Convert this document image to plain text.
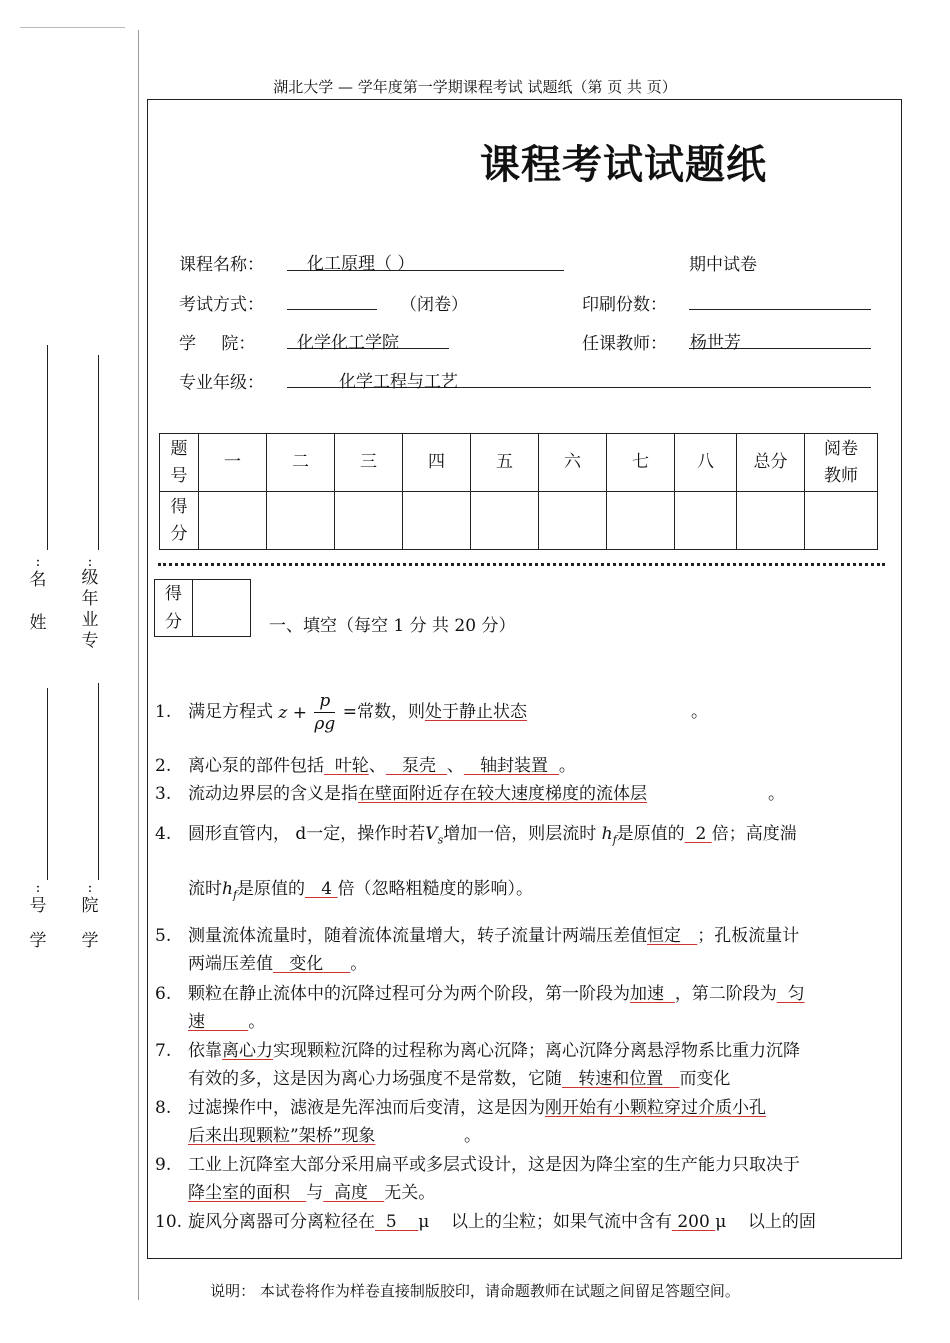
:
名
姓
:
级
年
业
专
:
号
学
:
院
学
湖北大学 — 学年度第一学期课程考试 试题纸（第 页 共 页）
课程考试试题纸
课程名称：	化工原理（ ）	期中试卷
考试方式：	（闭卷）	印刷份数：
学 院： 化学化工学院	任课教师： 杨世芳
专业年级：	化学工程与工艺
题号	一	二	三	四	五	六	七	八	总分	阅卷教师
得分										
得分	一、填空（每空 1 分 共 20 分）
1. 满足方程式 $z + \frac{p}{\rho g}$ =常数，则处于静止状态	。
2. 离心泵的部件包括 叶轮、 泵壳 、 轴封装置 。
3. 流动边界层的含义是指在壁面附近存在较大速度梯度的流体层	。
4. 圆形直管内， d一定，操作时若$V_s$增加一倍，则层流时 $h_f$是原值的 2 倍；高度湍
流时$h_f$是原值的 4 倍（忽略粗糙度的影响）。
5. 测量流体流量时，随着流体流量增大，转子流量计两端压差值恒定 ；孔板流量计
两端压差值 变化 。
6. 颗粒在静止流体中的沉降过程可分为两个阶段，第一阶段为加速 ，第二阶段为 匀
速	。
7. 依靠离心力实现颗粒沉降的过程称为离心沉降；离心沉降分离悬浮物系比重力沉降
有效的多，这是因为离心力场强度不是常数，它随 转速和位置 而变化
8. 过滤操作中，滤液是先浑浊而后变清，这是因为刚开始有小颗粒穿过介质小孔
后来出现颗粒”架桥”现象	。
9. 工业上沉降室大部分采用扁平或多层式设计，这是因为降尘室的生产能力只取决于
降尘室的面积 与 高度 无关。
10. 旋风分离器可分离粒径在 5 μ 以上的尘粒；如果气流中含有 200 μ 以上的固
说明： 本试卷将作为样卷直接制版胶印，请命题教师在试题之间留足答题空间。
